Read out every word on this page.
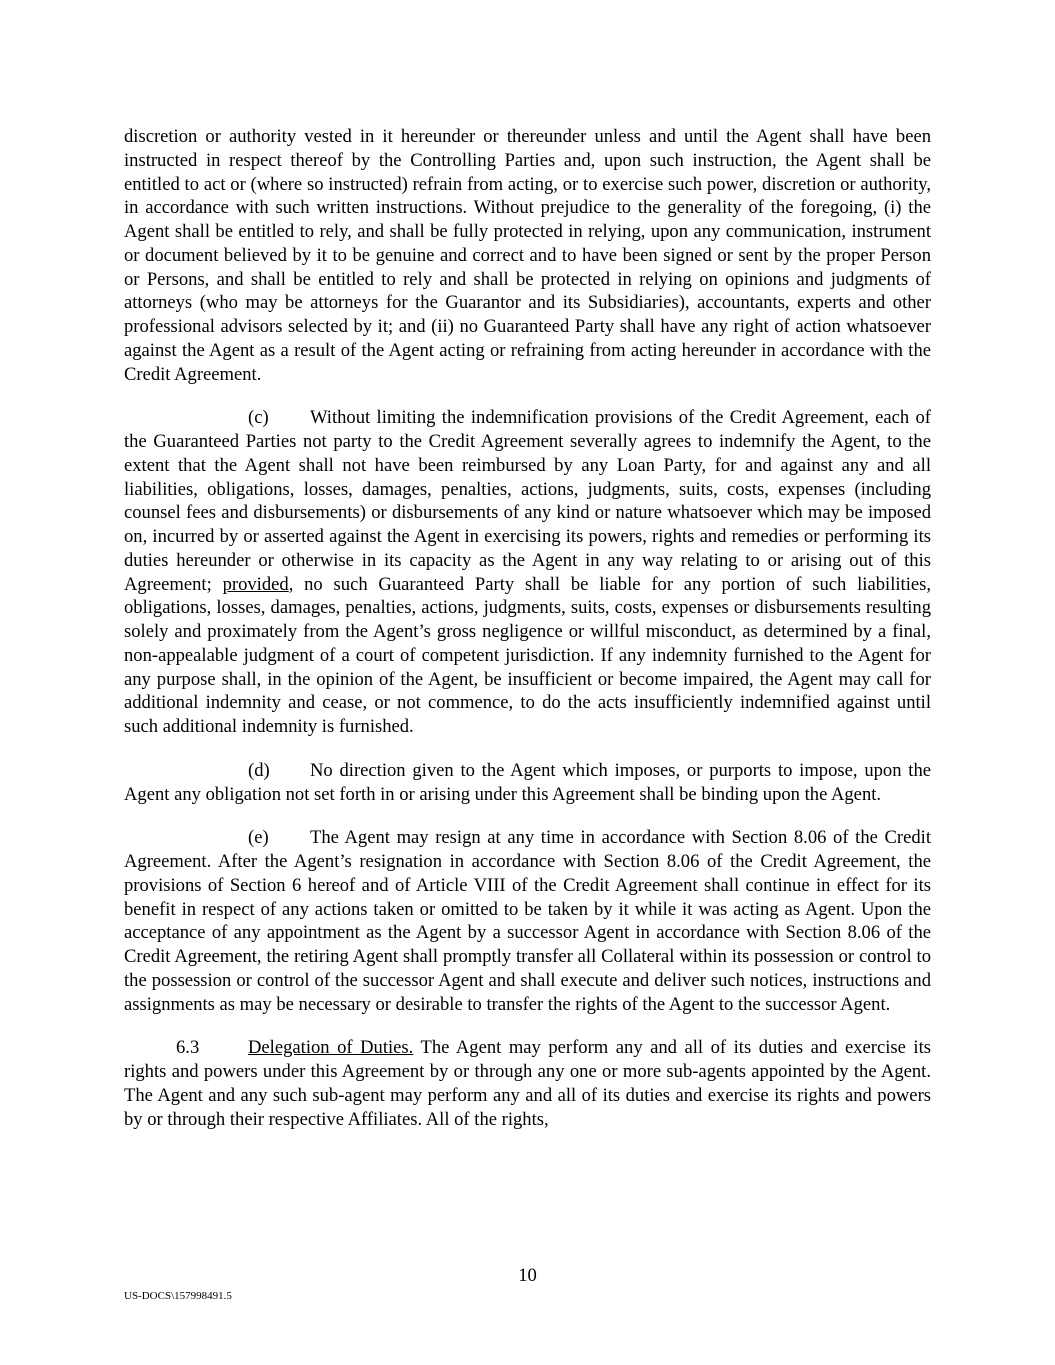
discretion or authority vested in it hereunder or thereunder unless and until the Agent shall have been instructed in respect thereof by the Controlling Parties and, upon such instruction, the Agent shall be entitled to act or (where so instructed) refrain from acting, or to exercise such power, discretion or authority, in accordance with such written instructions. Without prejudice to the generality of the foregoing, (i) the Agent shall be entitled to rely, and shall be fully protected in relying, upon any communication, instrument or document believed by it to be genuine and correct and to have been signed or sent by the proper Person or Persons, and shall be entitled to rely and shall be protected in relying on opinions and judgments of attorneys (who may be attorneys for the Guarantor and its Subsidiaries), accountants, experts and other professional advisors selected by it; and (ii) no Guaranteed Party shall have any right of action whatsoever against the Agent as a result of the Agent acting or refraining from acting hereunder in accordance with the Credit Agreement.

(c) Without limiting the indemnification provisions of the Credit Agreement, each of the Guaranteed Parties not party to the Credit Agreement severally agrees to indemnify the Agent, to the extent that the Agent shall not have been reimbursed by any Loan Party, for and against any and all liabilities, obligations, losses, damages, penalties, actions, judgments, suits, costs, expenses (including counsel fees and disbursements) or disbursements of any kind or nature whatsoever which may be imposed on, incurred by or asserted against the Agent in exercising its powers, rights and remedies or performing its duties hereunder or otherwise in its capacity as the Agent in any way relating to or arising out of this Agreement; provided, no such Guaranteed Party shall be liable for any portion of such liabilities, obligations, losses, damages, penalties, actions, judgments, suits, costs, expenses or disbursements resulting solely and proximately from the Agent’s gross negligence or willful misconduct, as determined by a final, non-appealable judgment of a court of competent jurisdiction. If any indemnity furnished to the Agent for any purpose shall, in the opinion of the Agent, be insufficient or become impaired, the Agent may call for additional indemnity and cease, or not commence, to do the acts insufficiently indemnified against until such additional indemnity is furnished.

(d) No direction given to the Agent which imposes, or purports to impose, upon the Agent any obligation not set forth in or arising under this Agreement shall be binding upon the Agent.

(e) The Agent may resign at any time in accordance with Section 8.06 of the Credit Agreement. After the Agent’s resignation in accordance with Section 8.06 of the Credit Agreement, the provisions of Section 6 hereof and of Article VIII of the Credit Agreement shall continue in effect for its benefit in respect of any actions taken or omitted to be taken by it while it was acting as Agent. Upon the acceptance of any appointment as the Agent by a successor Agent in accordance with Section 8.06 of the Credit Agreement, the retiring Agent shall promptly transfer all Collateral within its possession or control to the possession or control of the successor Agent and shall execute and deliver such notices, instructions and assignments as may be necessary or desirable to transfer the rights of the Agent to the successor Agent.

6.3	Delegation of Duties. The Agent may perform any and all of its duties and exercise its rights and powers under this Agreement by or through any one or more sub-agents appointed by the Agent. The Agent and any such sub-agent may perform any and all of its duties and exercise its rights and powers by or through their respective Affiliates. All of the rights,

10
US-DOCS\157998491.5
